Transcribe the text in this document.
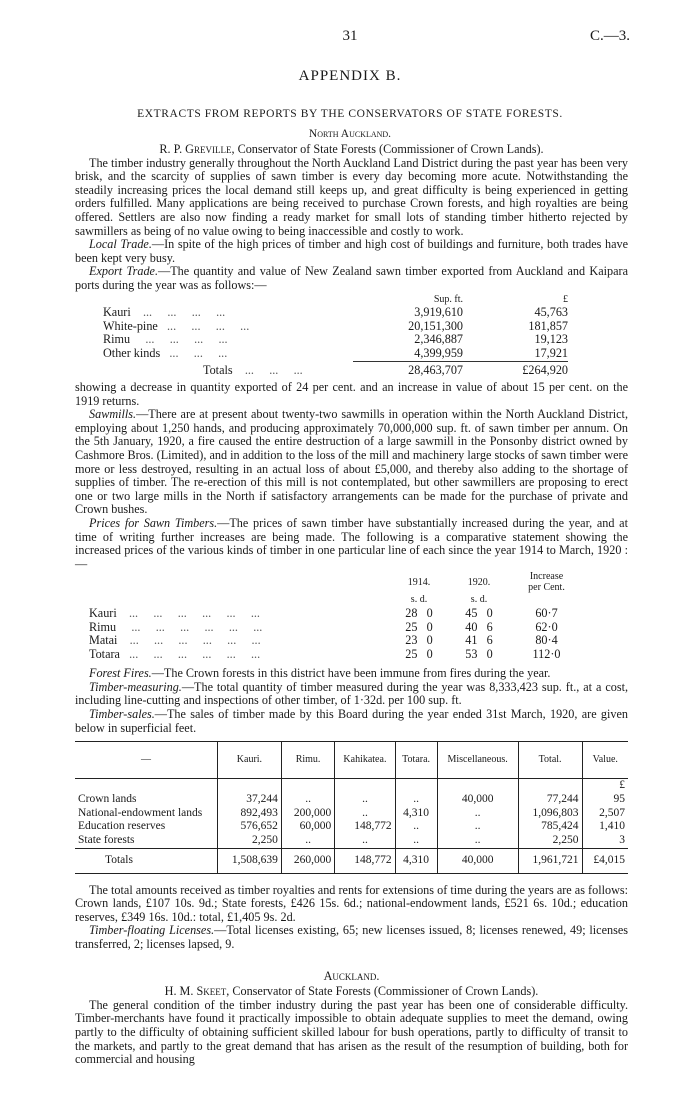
31	C.—3.
APPENDIX B.
EXTRACTS FROM REPORTS BY THE CONSERVATORS OF STATE FORESTS.
North Auckland.

R. P. Greville, Conservator of State Forests (Commissioner of Crown Lands).

The timber industry generally throughout the North Auckland Land District during the past year has been very brisk, and the scarcity of supplies of sawn timber is every day becoming more acute. Notwithstanding the steadily increasing prices the local demand still keeps up, and great difficulty is being experienced in getting orders fulfilled. Many applications are being received to purchase Crown forests, and high royalties are being offered. Settlers are also now finding a ready market for small lots of standing timber hitherto rejected by sawmillers as being of no value owing to being inaccessible and costly to work.

Local Trade.—In spite of the high prices of timber and high cost of buildings and furniture, both trades have been kept very busy.

Export Trade.—The quantity and value of New Zealand sawn timber exported from Auckland and Kaipara ports during the year was as follows:—

	Sup. ft.	£
Kauri    ...     ...     ...     ...	3,919,610	45,763
White-pine   ...     ...     ...     ...	20,151,300	181,857
Rimu     ...     ...     ...     ...	2,346,887	19,123
Other kinds   ...     ...     ...	4,399,959	17,921
Totals    ...     ...     ...	28,463,707	£264,920

showing a decrease in quantity exported of 24 per cent. and an increase in value of about 15 per cent. on the 1919 returns.

Sawmills.—There are at present about twenty-two sawmills in operation within the North Auckland District, employing about 1,250 hands, and producing approximately 70,000,000 sup. ft. of sawn timber per annum. On the 5th January, 1920, a fire caused the entire destruction of a large sawmill in the Ponsonby district owned by Cashmore Bros. (Limited), and in addition to the loss of the mill and machinery large stocks of sawn timber were more or less destroyed, resulting in an actual loss of about £5,000, and thereby also adding to the shortage of supplies of timber. The re-erection of this mill is not contemplated, but other sawmillers are proposing to erect one or two large mills in the North if satisfactory arrangements can be made for the purchase of private and Crown bushes.

Prices for Sawn Timbers.—The prices of sawn timber have substantially increased during the year, and at time of writing further increases are being made. The following is a comparative statement showing the increased prices of the various kinds of timber in one particular line of each since the year 1914 to March, 1920 :—

	1914.	1920.	Increase
per Cent.
	s. d.	s. d.	
Kauri    ...     ...     ...     ...     ...     ...	28 0	45 0	60·7
Rimu     ...     ...     ...     ...     ...     ...	25 0	40 6	62·0
Matai    ...     ...     ...     ...     ...     ...	23 0	41 6	80·4
Totara   ...     ...     ...     ...     ...     ...	25 0	53 0	112·0

Forest Fires.—The Crown forests in this district have been immune from fires during the year.

Timber-measuring.—The total quantity of timber measured during the year was 8,333,423 sup. ft., at a cost, including line-cutting and inspections of other timber, of 1·32d. per 100 sup. ft.

Timber-sales.—The sales of timber made by this Board during the year ended 31st March, 1920, are given below in superficial feet.

—	Kauri.	Rimu.	Kahikatea.	Totara.	Miscellaneous.	Total.	Value.
							£
Crown lands	37,244	..	..	..	40,000	77,244	95
National-endowment lands	892,493	200,000	..	4,310	..	1,096,803	2,507
Education reserves	576,652	60,000	148,772	..	..	785,424	1,410
State forests	2,250	..	..	..	..	2,250	3
Totals	1,508,639	260,000	148,772	4,310	40,000	1,961,721	£4,015

The total amounts received as timber royalties and rents for extensions of time during the years are as follows: Crown lands, £107 10s. 9d.; State forests, £426 15s. 6d.; national-endowment lands, £521 6s. 10d.; education reserves, £349 16s. 10d.: total, £1,405 9s. 2d.

Timber-floating Licenses.—Total licenses existing, 65; new licenses issued, 8; licenses renewed, 49; licenses transferred, 2; licenses lapsed, 9.

Auckland.

H. M. Skeet, Conservator of State Forests (Commissioner of Crown Lands).

The general condition of the timber industry during the past year has been one of considerable difficulty. Timber-merchants have found it practically impossible to obtain adequate supplies to meet the demand, owing partly to the difficulty of obtaining sufficient skilled labour for bush operations, partly to difficulty of transit to the markets, and partly to the great demand that has arisen as the result of the resumption of building, both for commercial and housing
